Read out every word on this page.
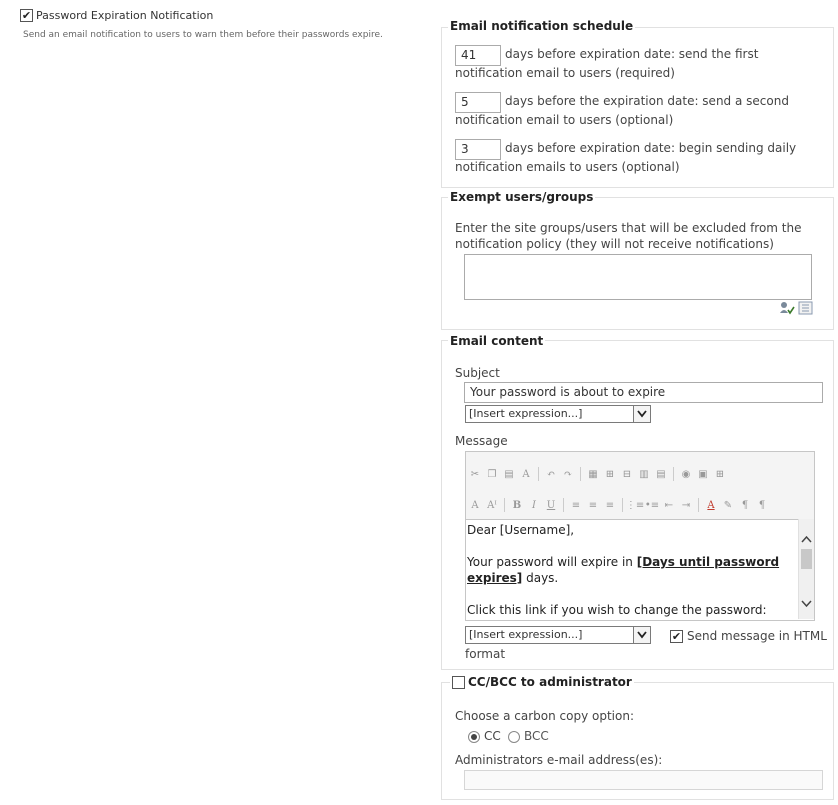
✔ Password Expiration Notification
Send an email notification to users to warn them before their passwords expire.
Email notification schedule
41	days before expiration date: send the first notification email to users (required)
5	days before the expiration date: send a second notification email to users (optional)
3	days before expiration date: begin sending daily notification emails to users (optional)
Exempt users/groups
Enter the site groups/users that will be excluded from the notification policy (they will not receive notifications)
Email content
Subject
Your password is about to expire
[Insert expression...]
Message
✂ ❐ ▤ A	↶ ↷ ▦ ⊞ ⊟ ▥ ▤ ◉ ▣ ⊞
A Aᴵ B	I	U ≡ ≡ ≡ ⋮≡ •≡ ⇤ ⇥	A ✎ ¶	¶

Dear [Username],

Your password will expire in [Days until password expires] days.

Click this link if you wish to change the password:

[Insert expression...]	✔ Send message in HTML
format
CC/BCC to administrator
Choose a carbon copy option:
CC BCC
Administrators e-mail address(es):
